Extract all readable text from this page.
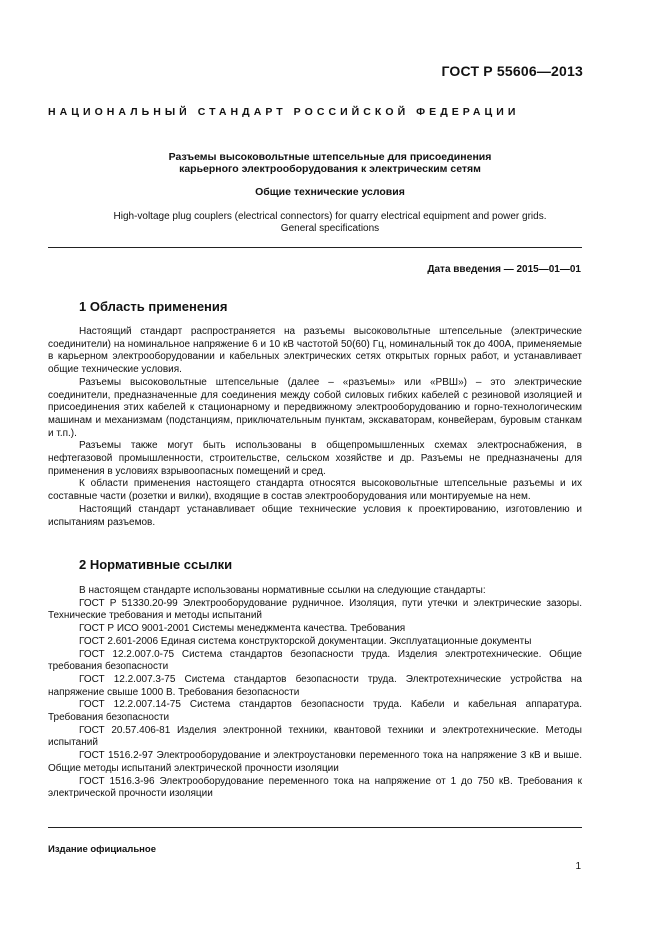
ГОСТ Р 55606—2013
НАЦИОНАЛЬНЫЙ СТАНДАРТ РОССИЙСКОЙ ФЕДЕРАЦИИ
Разъемы высоковольтные штепсельные для присоединения
карьерного электрооборудования к электрическим сетям
Общие технические условия
High-voltage plug couplers (electrical connectors) for quarry electrical equipment and power grids.
General specifications
Дата введения — 2015—01—01
1 Область применения

Настоящий стандарт распространяется на разъемы высоковольтные штепсельные (электрические соединители) на номинальное напряжение 6 и 10 кВ частотой 50(60) Гц, номинальный ток до 400А, применяемые в карьерном электрооборудовании и кабельных электрических сетях открытых горных работ, и устанавливает общие технические условия.

Разъемы высоковольтные штепсельные (далее – «разъемы» или «РВШ») – это электрические соединители, предназначенные для соединения между собой силовых гибких кабелей с резиновой изоляцией и присоединения этих кабелей к стационарному и передвижному электрооборудованию и горно-технологическим машинам и механизмам (подстанциям, приключательным пунктам, экскаваторам, конвейерам, буровым станкам и т.п.).

Разъемы также могут быть использованы в общепромышленных схемах электроснабжения, в нефтегазовой промышленности, строительстве, сельском хозяйстве и др. Разъемы не предназначены для применения в условиях взрывоопасных помещений и сред.

К области применения настоящего стандарта относятся высоковольтные штепсельные разъемы и их составные части (розетки и вилки), входящие в состав электрооборудования или монтируемые на нем.

Настоящий стандарт устанавливает общие технические условия к проектированию, изготовлению и испытаниям разъемов.

2 Нормативные ссылки

В настоящем стандарте использованы нормативные ссылки на следующие стандарты:

ГОСТ Р 51330.20-99 Электрооборудование рудничное. Изоляция, пути утечки и электрические зазоры. Технические требования и методы испытаний

ГОСТ Р ИСО 9001-2001 Системы менеджмента качества. Требования

ГОСТ 2.601-2006 Единая система конструкторской документации. Эксплуатационные документы

ГОСТ 12.2.007.0-75 Система стандартов безопасности труда. Изделия электротехнические. Общие требования безопасности

ГОСТ 12.2.007.3-75 Система стандартов безопасности труда. Электротехнические устройства на напряжение свыше 1000 В. Требования безопасности

ГОСТ 12.2.007.14-75 Система стандартов безопасности труда. Кабели и кабельная аппаратура. Требования безопасности

ГОСТ 20.57.406-81 Изделия электронной техники, квантовой техники и электротехнические. Методы испытаний

ГОСТ 1516.2-97 Электрооборудование и электроустановки переменного тока на напряжение 3 кВ и выше. Общие методы испытаний электрической прочности изоляции

ГОСТ 1516.3-96 Электрооборудование переменного тока на напряжение от 1 до 750 кВ. Требования к электрической прочности изоляции

Издание официальное
1
